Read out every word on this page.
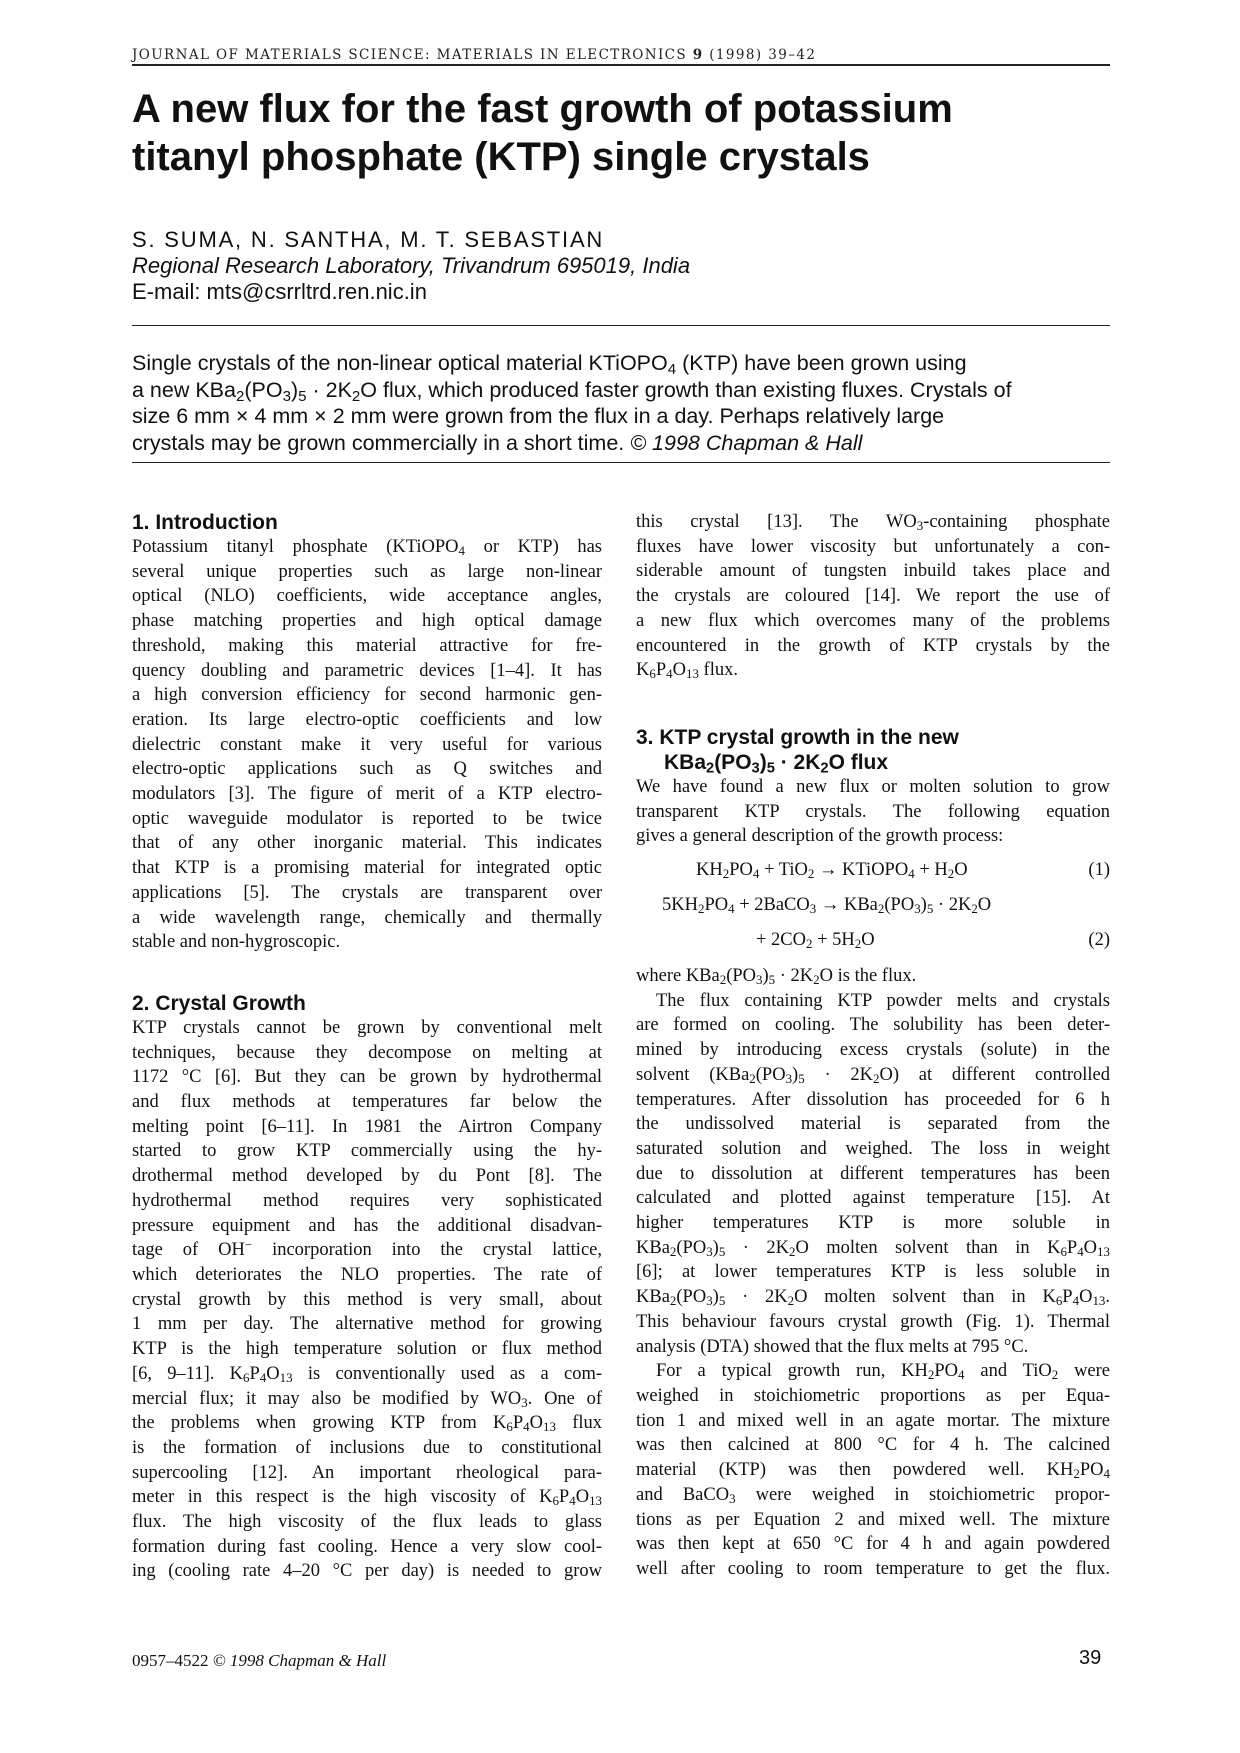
JOURNAL OF MATERIALS SCIENCE: MATERIALS IN ELECTRONICS 9 (1998) 39–42
A new flux for the fast growth of potassium
titanyl phosphate (KTP) single crystals
S. SUMA, N. SANTHA, M. T. SEBASTIAN
Regional Research Laboratory, Trivandrum 695019, India
E-mail: mts@csrrltrd.ren.nic.in
Single crystals of the non-linear optical material KTiOPO$_4$ (KTP) have been grown using
a new $KBa_2(PO_3)_5 \cdot 2K_2O$ flux, which produced faster growth than existing fluxes. Crystals of
size 6 mm × 4 mm × 2 mm were grown from the flux in a day. Perhaps relatively large
crystals may be grown commercially in a short time. © 1998 Chapman & Hall
1. Introduction
Potassium titanyl phosphate (KTiOPO$_4$ or KTP) has
several unique properties such as large non-linear
optical (NLO) coefficients, wide acceptance angles,
phase matching properties and high optical damage
threshold, making this material attractive for fre-
quency doubling and parametric devices [1–4]. It has
a high conversion efficiency for second harmonic gen-
eration. Its large electro-optic coefficients and low
dielectric constant make it very useful for various
electro-optic applications such as Q switches and
modulators [3]. The figure of merit of a KTP electro-
optic waveguide modulator is reported to be twice
that of any other inorganic material. This indicates
that KTP is a promising material for integrated optic
applications [5]. The crystals are transparent over
a wide wavelength range, chemically and thermally
stable and non-hygroscopic.
2. Crystal Growth
KTP crystals cannot be grown by conventional melt
techniques, because they decompose on melting at
1172 °C [6]. But they can be grown by hydrothermal
and flux methods at temperatures far below the
melting point [6–11]. In 1981 the Airtron Company
started to grow KTP commercially using the hy-
drothermal method developed by du Pont [8]. The
hydrothermal method requires very sophisticated
pressure equipment and has the additional disadvan-
tage of OH− incorporation into the crystal lattice,
which deteriorates the NLO properties. The rate of
crystal growth by this method is very small, about
1 mm per day. The alternative method for growing
KTP is the high temperature solution or flux method
[6, 9–11]. $K_6P_4O_{13}$ is conventionally used as a com-
mercial flux; it may also be modified by $WO_3$. One of
the problems when growing KTP from $K_6P_4O_{13}$ flux
is the formation of inclusions due to constitutional
supercooling [12]. An important rheological para-
meter in this respect is the high viscosity of $K_6P_4O_{13}$
flux. The high viscosity of the flux leads to glass
formation during fast cooling. Hence a very slow cool-
ing (cooling rate 4–20 °C per day) is needed to grow
this crystal [13]. The $WO_3$-containing phosphate
fluxes have lower viscosity but unfortunately a con-
siderable amount of tungsten inbuild takes place and
the crystals are coloured [14]. We report the use of
a new flux which overcomes many of the problems
encountered in the growth of KTP crystals by the
$K_6P_4O_{13}$ flux.
3. KTP crystal growth in the new
$KBa_2(PO_3)_5 \cdot 2K_2O$ flux
We have found a new flux or molten solution to grow
transparent KTP crystals. The following equation
gives a general description of the growth process:
$KH_2PO_4 + TiO_2$ → KTiOPO$_4$ + $H_2O$	(1)
$5KH_2PO_4$ + 2BaCO$_3$ → $KBa_2(PO_3)_5 \cdot 2K_2O$
+ $2CO_2 + 5H_2O$	(2)
where $KBa_2(PO_3)_5 \cdot 2K_2O$ is the flux.
The flux containing KTP powder melts and crystals
are formed on cooling. The solubility has been deter-
mined by introducing excess crystals (solute) in the
solvent $(KBa_2(PO_3)_5 \cdot 2K_2O)$ at different controlled
temperatures. After dissolution has proceeded for 6 h
the undissolved material is separated from the
saturated solution and weighed. The loss in weight
due to dissolution at different temperatures has been
calculated and plotted against temperature [15]. At
higher temperatures KTP is more soluble in
$KBa_2(PO_3)_5 \cdot 2K_2O$ molten solvent than in $K_6P_4O_{13}$
[6]; at lower temperatures KTP is less soluble in
$KBa_2(PO_3)_5 \cdot 2K_2O$ molten solvent than in $K_6P_4O_{13}$.
This behaviour favours crystal growth (Fig. 1). Thermal
analysis (DTA) showed that the flux melts at 795 °C.
For a typical growth run, $KH_2PO_4$ and TiO$_2$ were
weighed in stoichiometric proportions as per Equa-
tion 1 and mixed well in an agate mortar. The mixture
was then calcined at 800 °C for 4 h. The calcined
material (KTP) was then powdered well. $KH_2PO_4$
and BaCO$_3$ were weighed in stoichiometric propor-
tions as per Equation 2 and mixed well. The mixture
was then kept at 650 °C for 4 h and again powdered
well after cooling to room temperature to get the flux.
0957–4522 © 1998 Chapman & Hall	39
